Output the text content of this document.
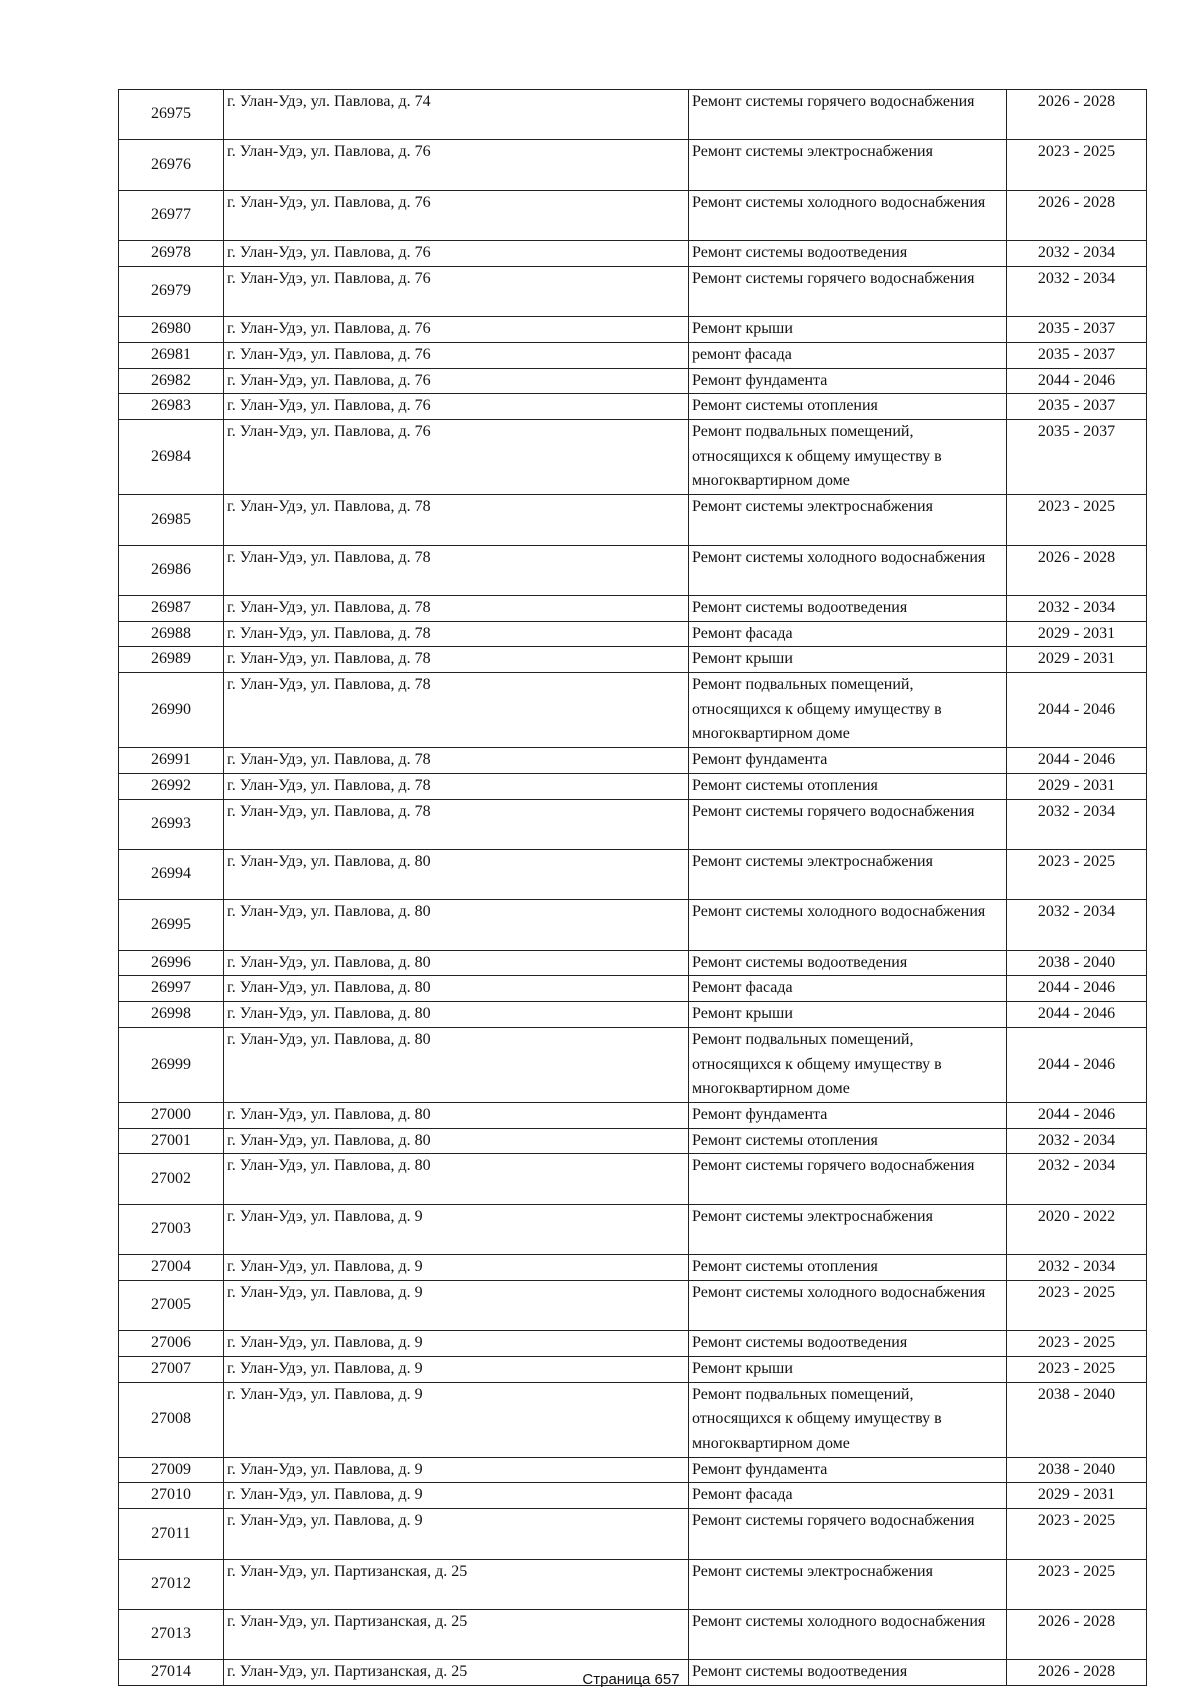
26975	г. Улан-Удэ, ул. Павлова, д. 74	Ремонт системы горячего водоснабжения	2026 - 2028
26976	г. Улан-Удэ, ул. Павлова, д. 76	Ремонт системы электроснабжения	2023 - 2025
26977	г. Улан-Удэ, ул. Павлова, д. 76	Ремонт системы холодного водоснабжения	2026 - 2028
26978	г. Улан-Удэ, ул. Павлова, д. 76	Ремонт системы водоотведения	2032 - 2034
26979	г. Улан-Удэ, ул. Павлова, д. 76	Ремонт системы горячего водоснабжения	2032 - 2034
26980	г. Улан-Удэ, ул. Павлова, д. 76	Ремонт крыши	2035 - 2037
26981	г. Улан-Удэ, ул. Павлова, д. 76	ремонт фасада	2035 - 2037
26982	г. Улан-Удэ, ул. Павлова, д. 76	Ремонт фундамента	2044 - 2046
26983	г. Улан-Удэ, ул. Павлова, д. 76	Ремонт системы отопления	2035 - 2037
26984	г. Улан-Удэ, ул. Павлова, д. 76	Ремонт подвальных помещений, относящихся к общему имуществу в многоквартирном доме	2035 - 2037
26985	г. Улан-Удэ, ул. Павлова, д. 78	Ремонт системы электроснабжения	2023 - 2025
26986	г. Улан-Удэ, ул. Павлова, д. 78	Ремонт системы холодного водоснабжения	2026 - 2028
26987	г. Улан-Удэ, ул. Павлова, д. 78	Ремонт системы водоотведения	2032 - 2034
26988	г. Улан-Удэ, ул. Павлова, д. 78	Ремонт фасада	2029 - 2031
26989	г. Улан-Удэ, ул. Павлова, д. 78	Ремонт крыши	2029 - 2031
26990	г. Улан-Удэ, ул. Павлова, д. 78	Ремонт подвальных помещений, относящихся к общему имуществу в многоквартирном доме	2044 - 2046
26991	г. Улан-Удэ, ул. Павлова, д. 78	Ремонт фундамента	2044 - 2046
26992	г. Улан-Удэ, ул. Павлова, д. 78	Ремонт системы отопления	2029 - 2031
26993	г. Улан-Удэ, ул. Павлова, д. 78	Ремонт системы горячего водоснабжения	2032 - 2034
26994	г. Улан-Удэ, ул. Павлова, д. 80	Ремонт системы электроснабжения	2023 - 2025
26995	г. Улан-Удэ, ул. Павлова, д. 80	Ремонт системы холодного водоснабжения	2032 - 2034
26996	г. Улан-Удэ, ул. Павлова, д. 80	Ремонт системы водоотведения	2038 - 2040
26997	г. Улан-Удэ, ул. Павлова, д. 80	Ремонт фасада	2044 - 2046
26998	г. Улан-Удэ, ул. Павлова, д. 80	Ремонт крыши	2044 - 2046
26999	г. Улан-Удэ, ул. Павлова, д. 80	Ремонт подвальных помещений, относящихся к общему имуществу в многоквартирном доме	2044 - 2046
27000	г. Улан-Удэ, ул. Павлова, д. 80	Ремонт фундамента	2044 - 2046
27001	г. Улан-Удэ, ул. Павлова, д. 80	Ремонт системы отопления	2032 - 2034
27002	г. Улан-Удэ, ул. Павлова, д. 80	Ремонт системы горячего водоснабжения	2032 - 2034
27003	г. Улан-Удэ, ул. Павлова, д. 9	Ремонт системы электроснабжения	2020 - 2022
27004	г. Улан-Удэ, ул. Павлова, д. 9	Ремонт системы отопления	2032 - 2034
27005	г. Улан-Удэ, ул. Павлова, д. 9	Ремонт системы холодного водоснабжения	2023 - 2025
27006	г. Улан-Удэ, ул. Павлова, д. 9	Ремонт системы водоотведения	2023 - 2025
27007	г. Улан-Удэ, ул. Павлова, д. 9	Ремонт крыши	2023 - 2025
27008	г. Улан-Удэ, ул. Павлова, д. 9	Ремонт подвальных помещений, относящихся к общему имуществу в многоквартирном доме	2038 - 2040
27009	г. Улан-Удэ, ул. Павлова, д. 9	Ремонт фундамента	2038 - 2040
27010	г. Улан-Удэ, ул. Павлова, д. 9	Ремонт фасада	2029 - 2031
27011	г. Улан-Удэ, ул. Павлова, д. 9	Ремонт системы горячего водоснабжения	2023 - 2025
27012	г. Улан-Удэ, ул. Партизанская, д. 25	Ремонт системы электроснабжения	2023 - 2025
27013	г. Улан-Удэ, ул. Партизанская, д. 25	Ремонт системы холодного водоснабжения	2026 - 2028
27014	г. Улан-Удэ, ул. Партизанская, д. 25	Ремонт системы водоотведения	2026 - 2028
Страница 657
